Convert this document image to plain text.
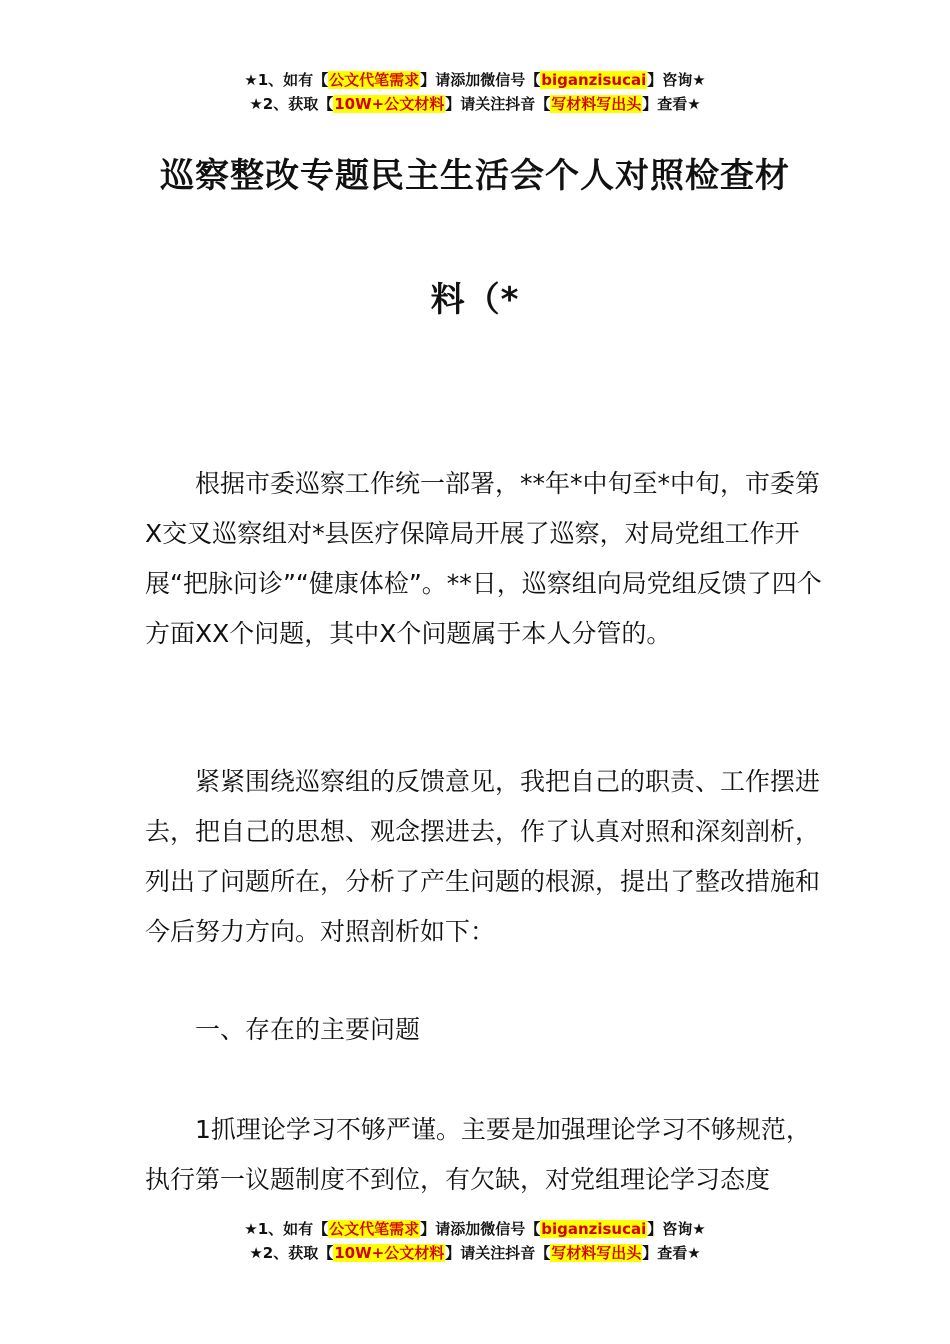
★1、如有【公文代笔需求】请添加微信号【biganzisucai】咨询★
★2、获取【10W+公文材料】请关注抖音【写材料写出头】查看★
巡察整改专题民主生活会个人对照检查材
料（*

根据市委巡察工作统一部署，**年*中旬至*中旬，市委第X交叉巡察组对*县医疗保障局开展了巡察，对局党组工作开展“把脉问诊”“健康体检”。**日，巡察组向局党组反馈了四个方面XX个问题，其中X个问题属于本人分管的。

紧紧围绕巡察组的反馈意见，我把自己的职责、工作摆进去，把自己的思想、观念摆进去，作了认真对照和深刻剖析，列出了问题所在，分析了产生问题的根源，提出了整改措施和今后努力方向。对照剖析如下：

一、存在的主要问题

1抓理论学习不够严谨。主要是加强理论学习不够规范，执行第一议题制度不到位，有欠缺，对党组理论学习态度

★1、如有【公文代笔需求】请添加微信号【biganzisucai】咨询★
★2、获取【10W+公文材料】请关注抖音【写材料写出头】查看★
